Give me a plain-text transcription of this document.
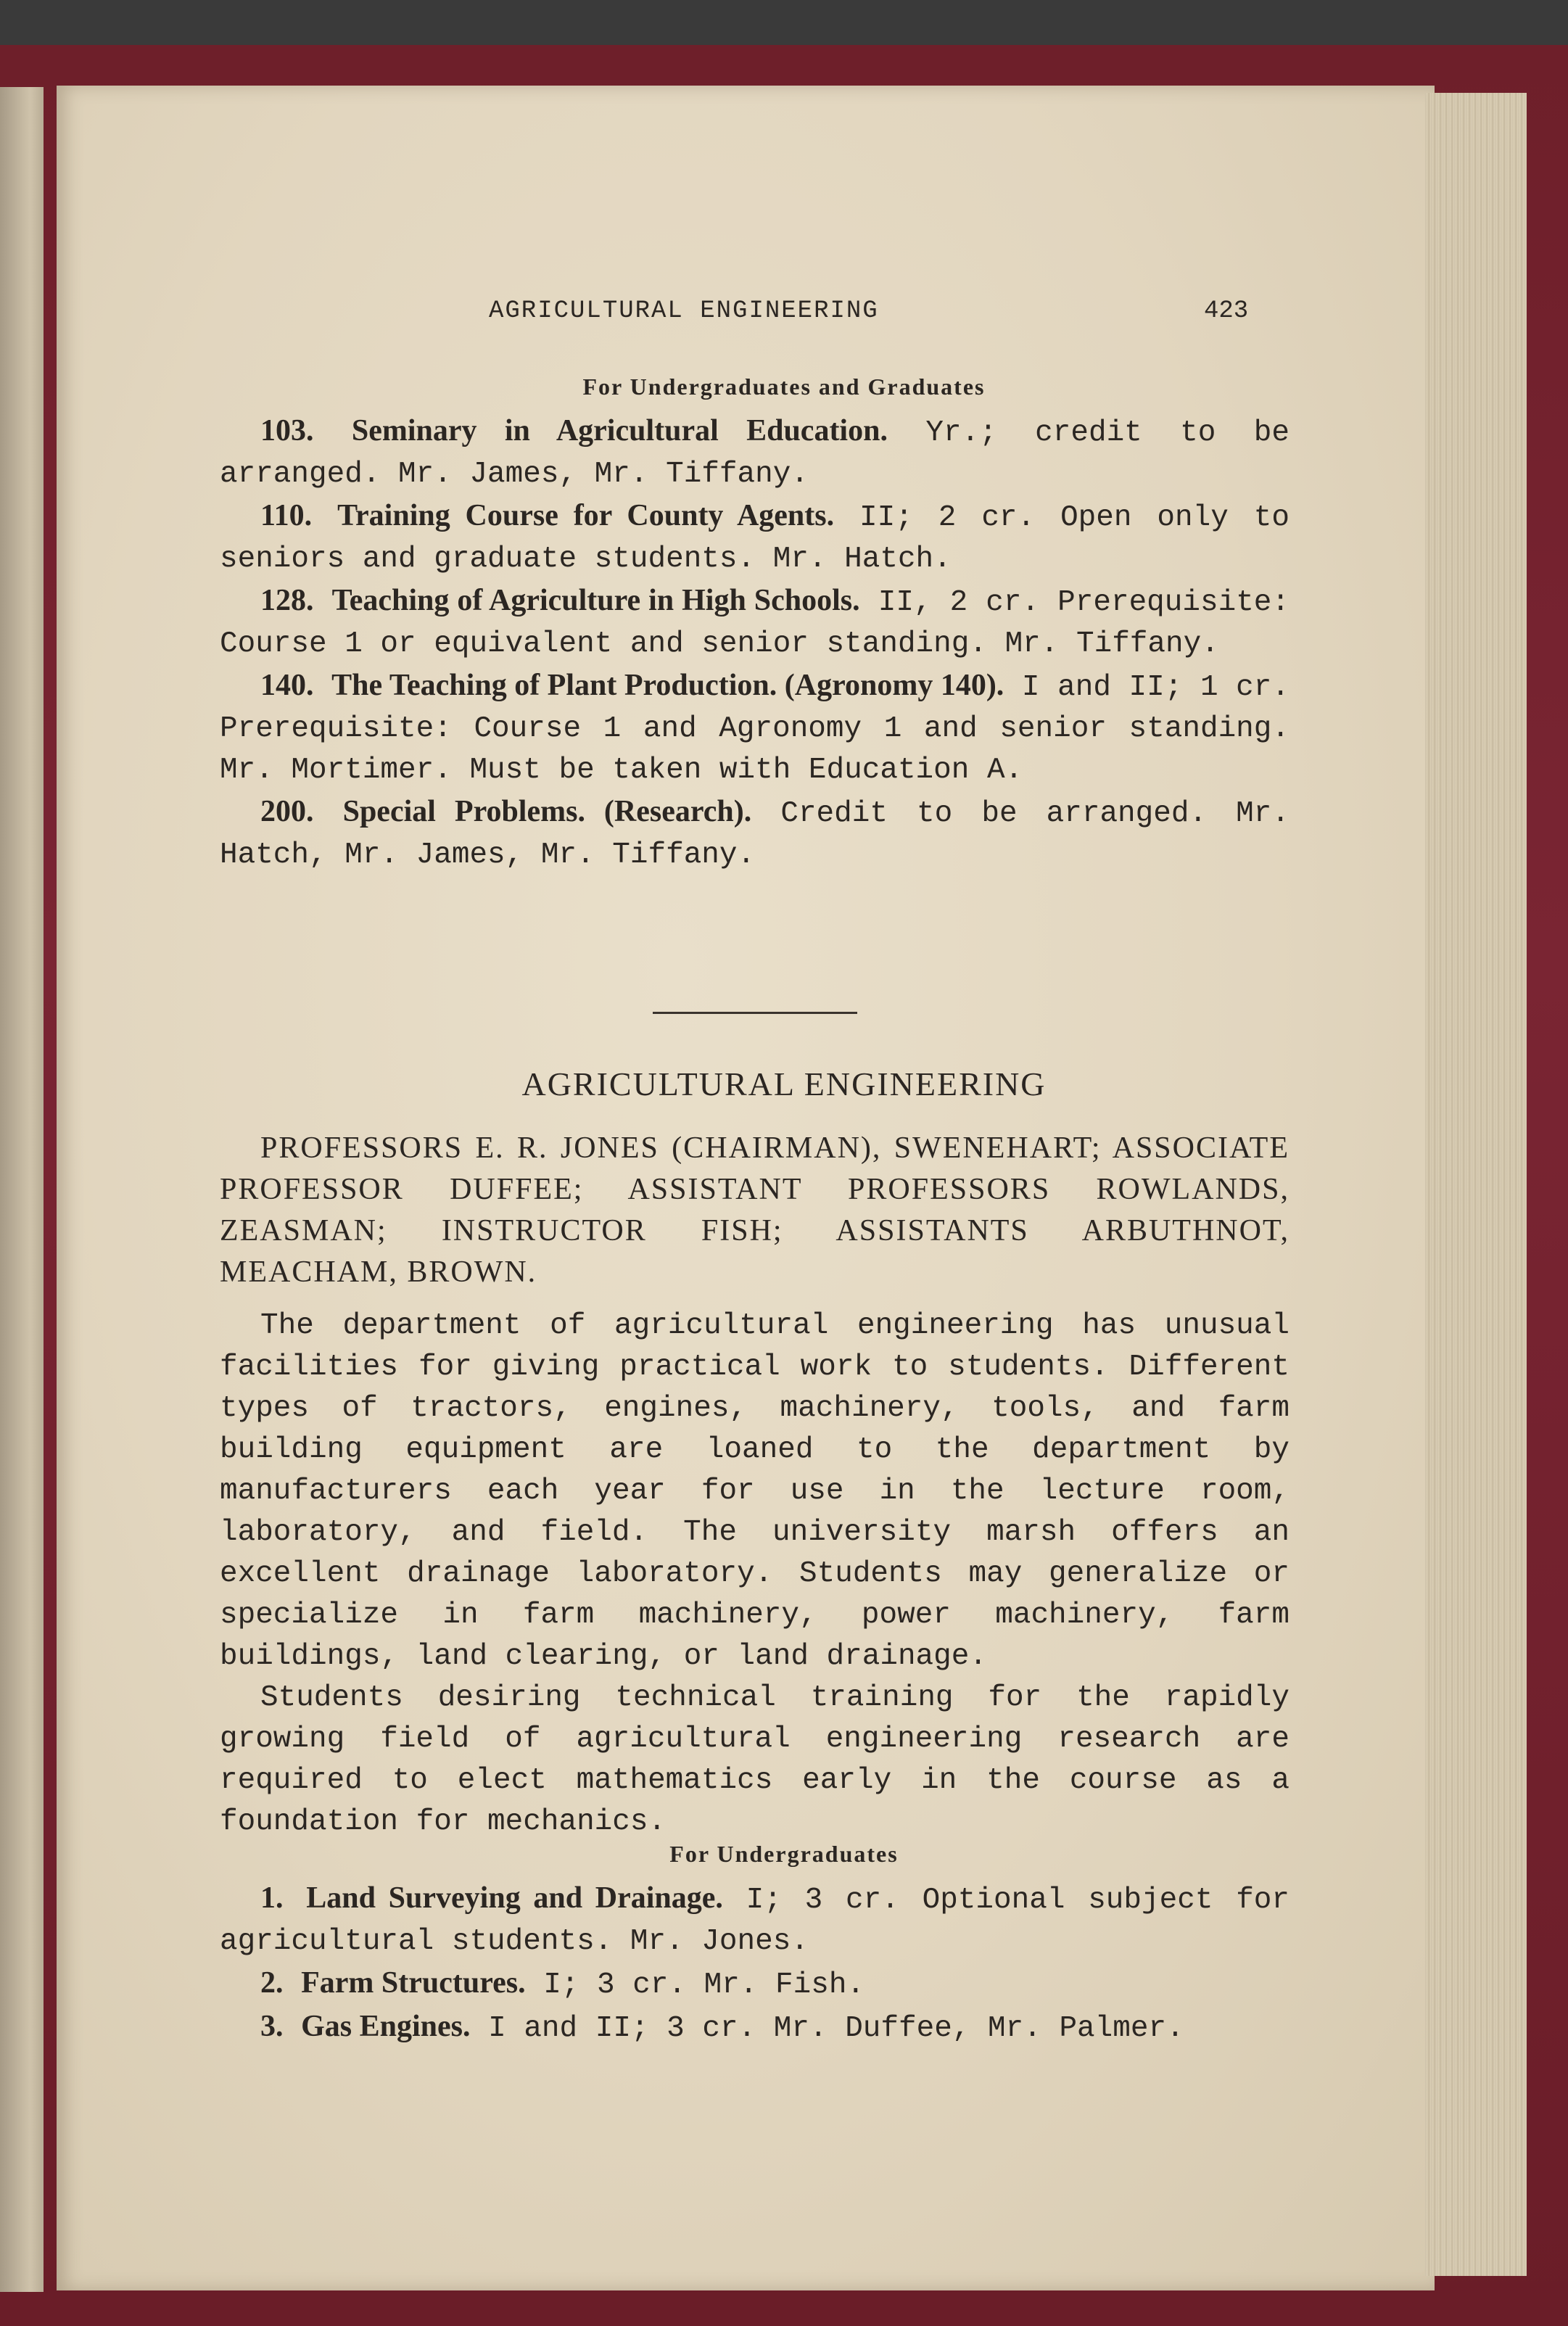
AGRICULTURAL ENGINEERING	423
For Undergraduates and Graduates

103. Seminary in Agricultural Education. Yr.; credit to be arranged. Mr. James, Mr. Tiffany.

110. Training Course for County Agents. II; 2 cr. Open only to seniors and graduate students. Mr. Hatch.

128. Teaching of Agriculture in High Schools. II, 2 cr. Prerequisite: Course 1 or equivalent and senior standing. Mr. Tiffany.

140. The Teaching of Plant Production. (Agronomy 140). I and II; 1 cr. Prerequisite: Course 1 and Agronomy 1 and senior standing. Mr. Mortimer. Must be taken with Education A.

200. Special Problems. (Research). Credit to be arranged. Mr. Hatch, Mr. James, Mr. Tiffany.

AGRICULTURAL ENGINEERING
PROFESSORS E. R. JONES (CHAIRMAN), SWENEHART; ASSOCIATE PROFESSOR DUFFEE; ASSISTANT PROFESSORS ROWLANDS, ZEASMAN; INSTRUCTOR FISH; ASSISTANTS ARBUTHNOT, MEACHAM, BROWN.

The department of agricultural engineering has unusual facilities for giving practical work to students. Different types of tractors, engines, machinery, tools, and farm building equipment are loaned to the department by manufacturers each year for use in the lecture room, laboratory, and field. The university marsh offers an excellent drainage laboratory. Students may generalize or specialize in farm machinery, power machinery, farm buildings, land clearing, or land drainage.

Students desiring technical training for the rapidly growing field of agricultural engineering research are required to elect mathematics early in the course as a foundation for mechanics.

For Undergraduates

1. Land Surveying and Drainage. I; 3 cr. Optional subject for agricultural students. Mr. Jones.

2. Farm Structures. I; 3 cr. Mr. Fish.

3. Gas Engines. I and II; 3 cr. Mr. Duffee, Mr. Palmer.
